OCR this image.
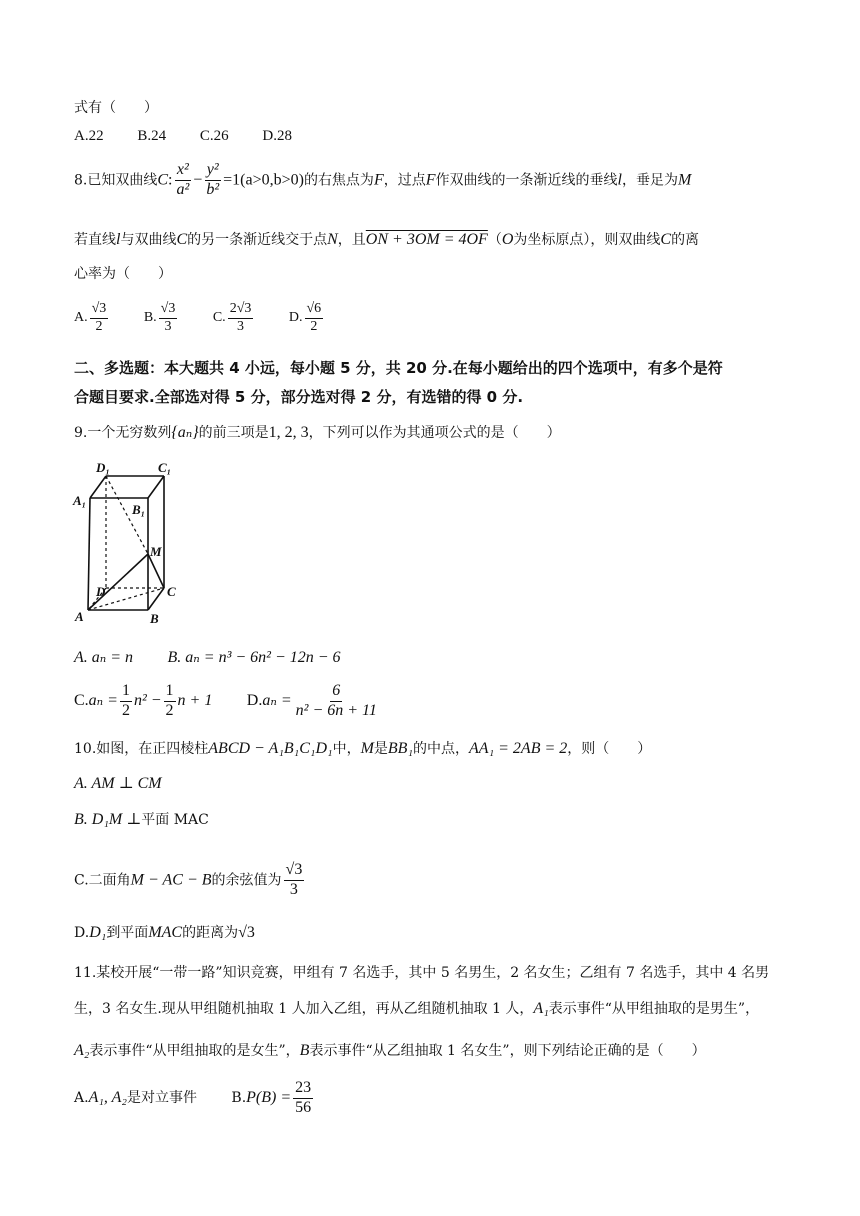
式有（　　）
A.22 B.24 C.26 D.28
8.已知双曲线C: $\frac{\text{x²}}{\text{a²}} - \frac{\text{y²}}{\text{b²}} =1(a>0,b>0)$的右焦点为F，过点F作双曲线的一条渐近线的垂线l，垂足为M
若直线l与双曲线C的另一条渐近线交于点N，且ON + 3OM = 4OF（O为坐标原点），则双曲线C的离
心率为（　　）
A. $\frac{√3}{2}$	B. $\frac{√3}{3}$	C. $\frac{2√3}{3}$	D. $\frac{√6}{2}$
二、多选题：本大题共 4 小远，每小题 5 分，共 20 分.在每小题给出的四个选项中，有多个是符
合题目要求.全部选对得 5 分，部分选对得 2 分，有选错的得 0 分.
9.一个无穷数列{aₙ}的前三项是1, 2, 3，下列可以作为其通项公式的是（　　）
D₁	C₁
A₁
B₁
M
D	C
A	B
A. aₙ = n B. aₙ = n³ − 6n² − 12n − 6
$C.a_n = \frac{1}{2} n^2 - \frac{1}{2}$ n + 1 $D.a_n = \frac{6}{\text{n² − 6n + 11}}$
10.如图，在正四棱柱ABCD − A₁B₁C₁D₁中，M是BB₁的中点，AA₁ = 2AB = 2，则（　　）
A. AM ⊥ CM
B. D₁M ⊥平面 MAC
C.二面角M − AC − B的余弦值为 $\frac{√3}{3}$
D.D₁到平面MAC的距离为√3
11.某校开展“一带一路”知识竞赛，甲组有 7 名选手，其中 5 名男生，2 名女生；乙组有 7 名选手，其中 4 名男
生，3 名女生.现从甲组随机抽取 1 人加入乙组，再从乙组随机抽取 1 人，A₁表示事件“从甲组抽取的是男生”，
A₂表示事件“从甲组抽取的是女生”，B表示事件“从乙组抽取 1 名女生”，则下列结论正确的是（　　）
A.A₁, A₂是对立事件 $B.P(B) = \frac{23}{56}$
